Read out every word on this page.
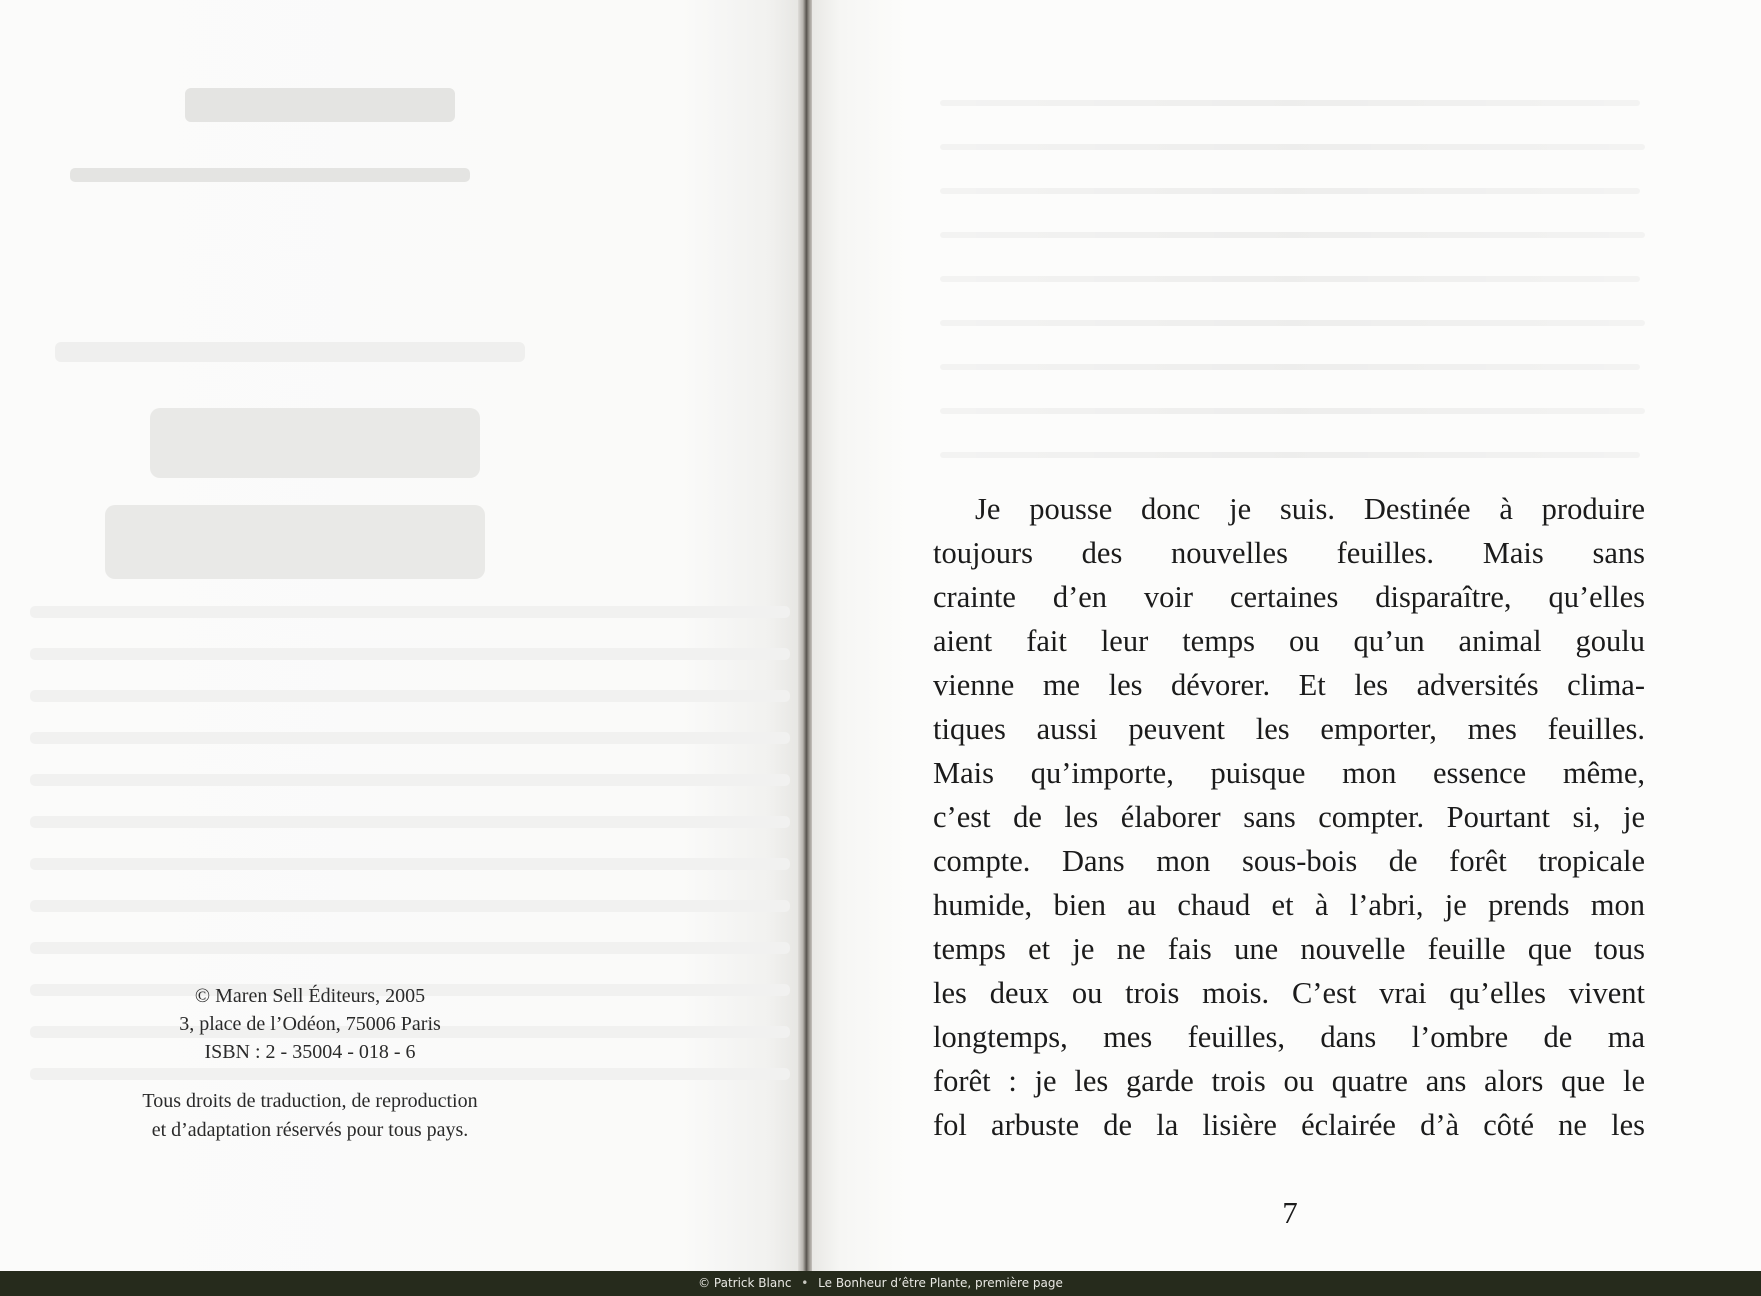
© Maren Sell Éditeurs, 2005
3, place de l’Odéon, 75006 Paris
ISBN : 2 - 35004 - 018 - 6
Tous droits de traduction, de reproduction
et d’adaptation réservés pour tous pays.
Je pousse donc je suis. Destinée à produire
toujours des nouvelles feuilles. Mais sans
crainte d’en voir certaines disparaître, qu’elles
aient fait leur temps ou qu’un animal goulu
vienne me les dévorer. Et les adversités clima-
tiques aussi peuvent les emporter, mes feuilles.
Mais qu’importe, puisque mon essence même,
c’est de les élaborer sans compter. Pourtant si, je
compte. Dans mon sous-bois de forêt tropicale
humide, bien au chaud et à l’abri, je prends mon
temps et je ne fais une nouvelle feuille que tous
les deux ou trois mois. C’est vrai qu’elles vivent
longtemps, mes feuilles, dans l’ombre de ma
forêt : je les garde trois ou quatre ans alors que le
fol arbuste de la lisière éclairée d’à côté ne les
7
© Patrick Blanc • Le Bonheur d’être Plante, première page
